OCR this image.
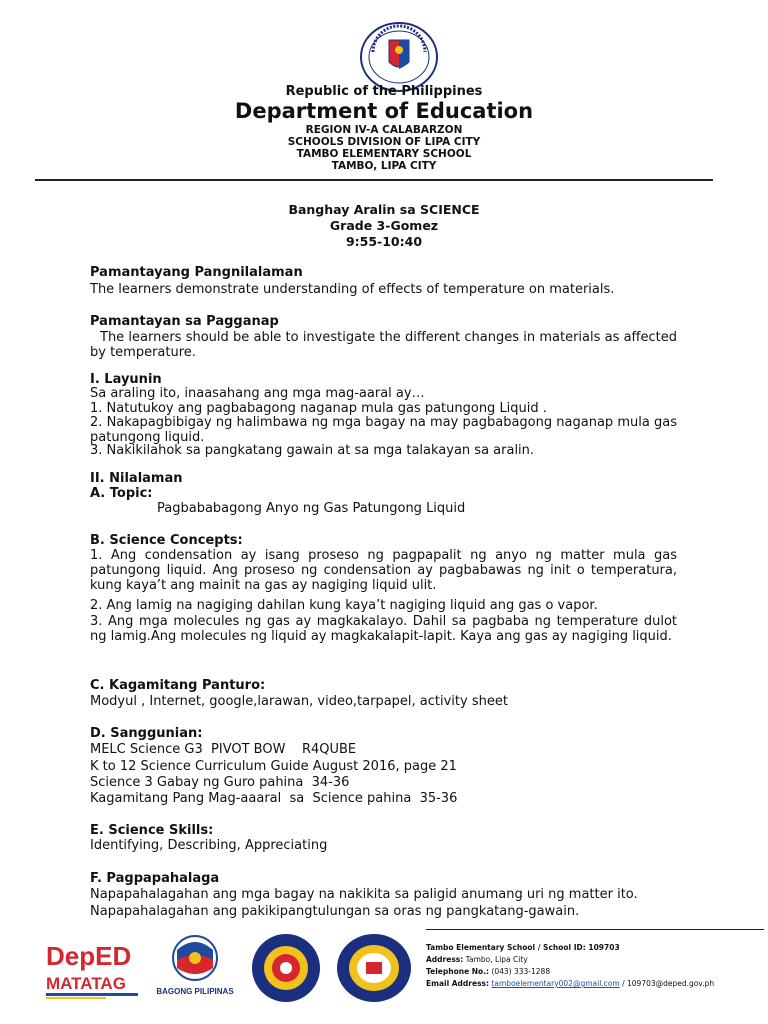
Republic of the Philippines
Department of Education
REGION IV-A CALABARZON
SCHOOLS DIVISION OF LIPA CITY
TAMBO ELEMENTARY SCHOOL
TAMBO, LIPA CITY
Banghay Aralin sa SCIENCE
Grade 3-Gomez
9:55-10:40
Pamantayang Pangnilalaman
The learners demonstrate understanding of effects of temperature on materials.
Pamantayan sa Pagganap
The learners should be able to investigate the different changes in materials as affected by temperature.
I. Layunin
Sa araling ito, inaasahang ang mga mag-aaral ay…
1. Natutukoy ang pagbabagong naganap mula gas patungong Liquid .
2. Nakapagbibigay ng halimbawa ng mga bagay na may pagbabagong naganap mula gas patungong liquid.
3. Nakikilahok sa pangkatang gawain at sa mga talakayan sa aralin.
II. Nilalaman
A. Topic:
Pagbababagong Anyo ng Gas Patungong Liquid
B. Science Concepts:
1. Ang condensation ay isang proseso ng pagpapalit ng anyo ng matter mula gas patungong liquid. Ang proseso ng condensation ay pagbabawas ng init o temperatura, kung kaya’t ang mainit na gas ay nagiging liquid ulit.
2. Ang lamig na nagiging dahilan kung kaya’t nagiging liquid ang gas o vapor.
3. Ang mga molecules ng gas ay magkakalayo. Dahil sa pagbaba ng temperature dulot ng lamig.Ang molecules ng liquid ay magkakalapit-lapit. Kaya ang gas ay nagiging liquid.
C. Kagamitang Panturo:
Modyul , Internet, google,larawan, video,tarpapel, activity sheet
D. Sanggunian:
MELC Science G3  PIVOT BOW    R4QUBE
K to 12 Science Curriculum Guide August 2016, page 21
Science 3 Gabay ng Guro pahina  34-36
Kagamitang Pang Mag-aaaral  sa  Science pahina  35-36
E. Science Skills:
Identifying, Describing, Appreciating
F. Pagpapahalaga
Napapahalagahan ang mga bagay na nakikita sa paligid anumang uri ng matter ito.
Napapahalagahan ang pakikipangtulungan sa oras ng pangkatang-gawain.
DepED
MATATAG	BAGONG PILIPINAS
Tambo Elementary School / School ID: 109703
Address: Tambo, Lipa City
Telephone No.: (043) 333-1288
Email Address: tamboelementary002@gmail.com / 109703@deped.gov.ph
